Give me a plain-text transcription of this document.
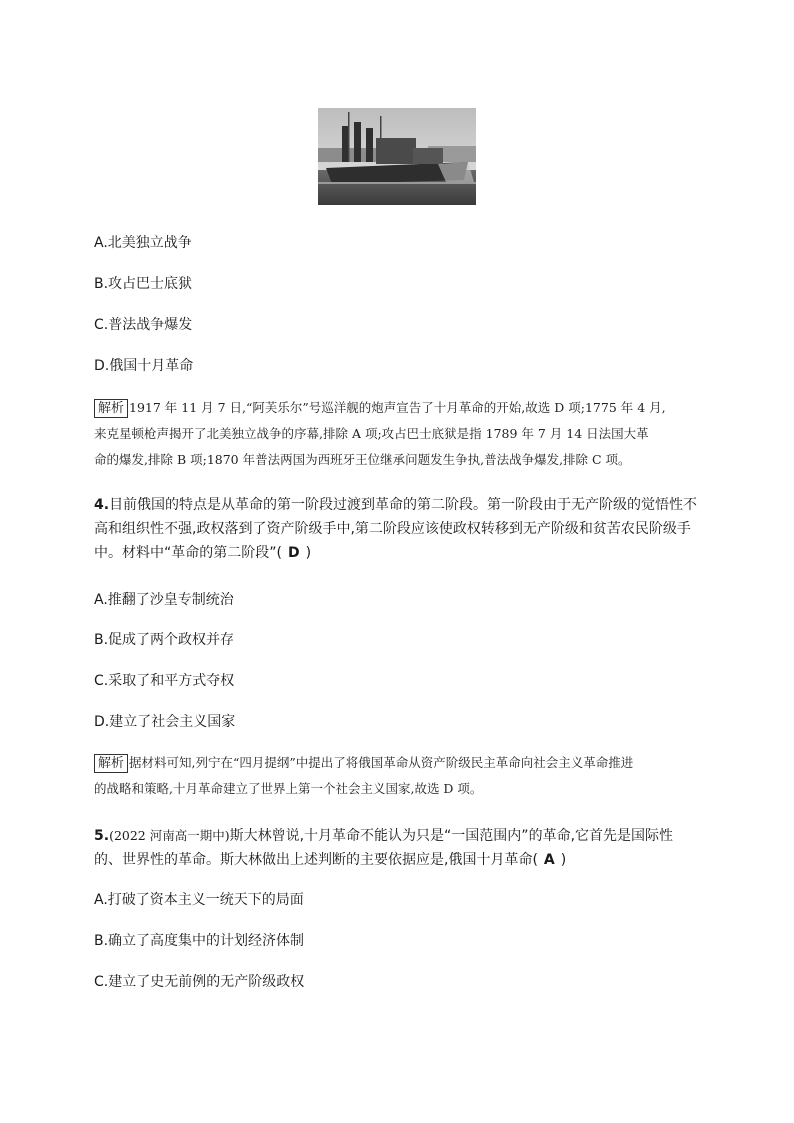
A.北美独立战争
B.攻占巴士底狱
C.普法战争爆发
D.俄国十月革命
解析 1917 年 11 月 7 日,“阿芙乐尔”号巡洋舰的炮声宣告了十月革命的开始,故选 D 项;1775 年 4 月,
来克星顿枪声揭开了北美独立战争的序幕,排除 A 项;攻占巴士底狱是指 1789 年 7 月 14 日法国大革
命的爆发,排除 B 项;1870 年普法两国为西班牙王位继承问题发生争执,普法战争爆发,排除 C 项。
4.目前俄国的特点是从革命的第一阶段过渡到革命的第二阶段。第一阶段由于无产阶级的觉悟性不
高和组织性不强,政权落到了资产阶级手中,第二阶段应该使政权转移到无产阶级和贫苦农民阶级手
中。材料中“革命的第二阶段”( D )
A.推翻了沙皇专制统治
B.促成了两个政权并存
C.采取了和平方式夺权
D.建立了社会主义国家
解析 据材料可知,列宁在“四月提纲”中提出了将俄国革命从资产阶级民主革命向社会主义革命推进
的战略和策略,十月革命建立了世界上第一个社会主义国家,故选 D 项。
5.(2022 河南高一期中)斯大林曾说,十月革命不能认为只是“一国范围内”的革命,它首先是国际性
的、世界性的革命。斯大林做出上述判断的主要依据应是,俄国十月革命( A )
A.打破了资本主义一统天下的局面
B.确立了高度集中的计划经济体制
C.建立了史无前例的无产阶级政权
